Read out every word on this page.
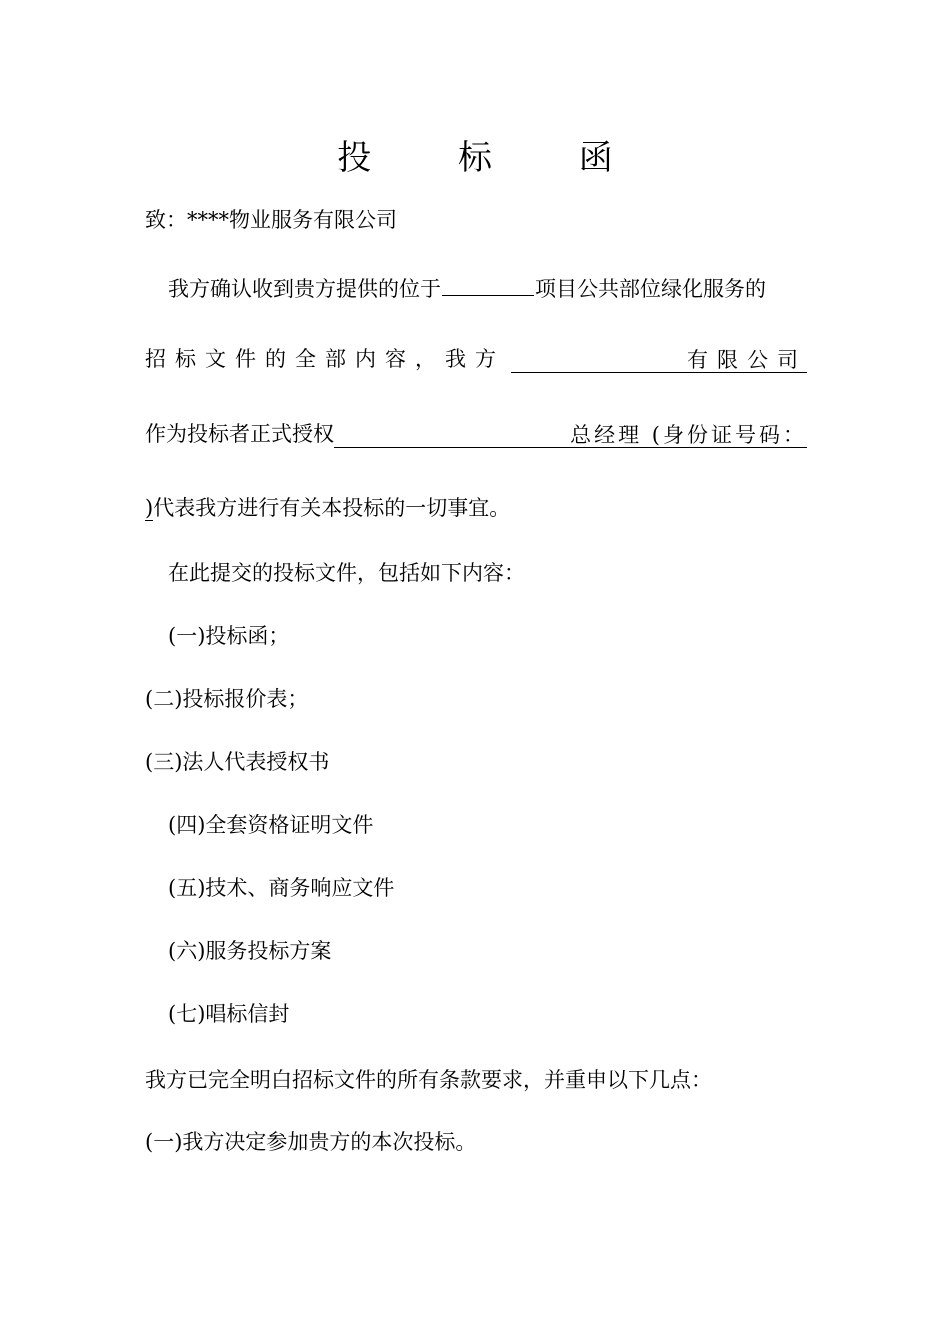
投 标 函
致：****物业服务有限公司
我方确认收到贵方提供的位于	项目公共部位绿化服务的
招标文件的全部内容，我方	有限公司
作为投标者正式授权	总经理 (身份证号码：
)代表我方进行有关本投标的一切事宜。
在此提交的投标文件，包括如下内容：
(一)投标函；
(二)投标报价表；
(三)法人代表授权书
(四)全套资格证明文件
(五)技术、商务响应文件
(六)服务投标方案
(七)唱标信封
我方已完全明白招标文件的所有条款要求，并重申以下几点：
(一)我方决定参加贵方的本次投标。
